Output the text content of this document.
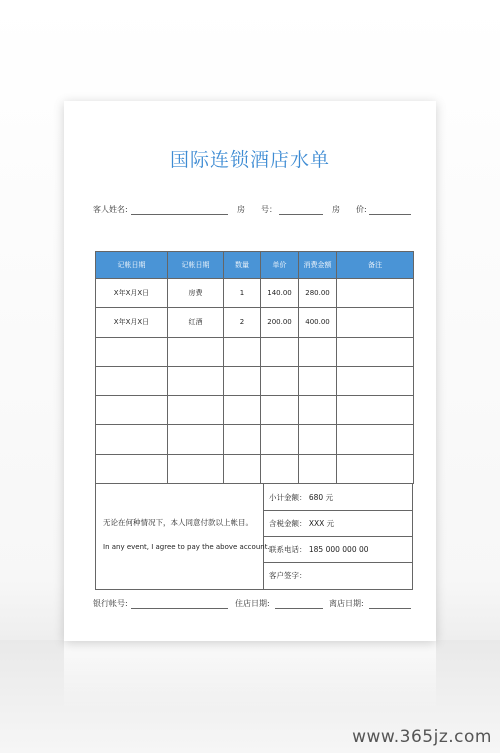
国际连锁酒店水单
客人姓名:	房　　号：	房　　价:
记帐日期	记帐日期	数量	单价	消费金额	备注
X年X月X日	房费	1	140.00	280.00	
X年X月X日	红酒	2	200.00	400.00	

无论在何种情况下，本人同意付款以上帐目。
In any event, I agree to pay the above account.
小计金额： 680 元
含税金额： XXX 元
联系电话： 185 000 000 00
客户签字：
银行帐号:	住店日期:	离店日期:
www.365jz.com
